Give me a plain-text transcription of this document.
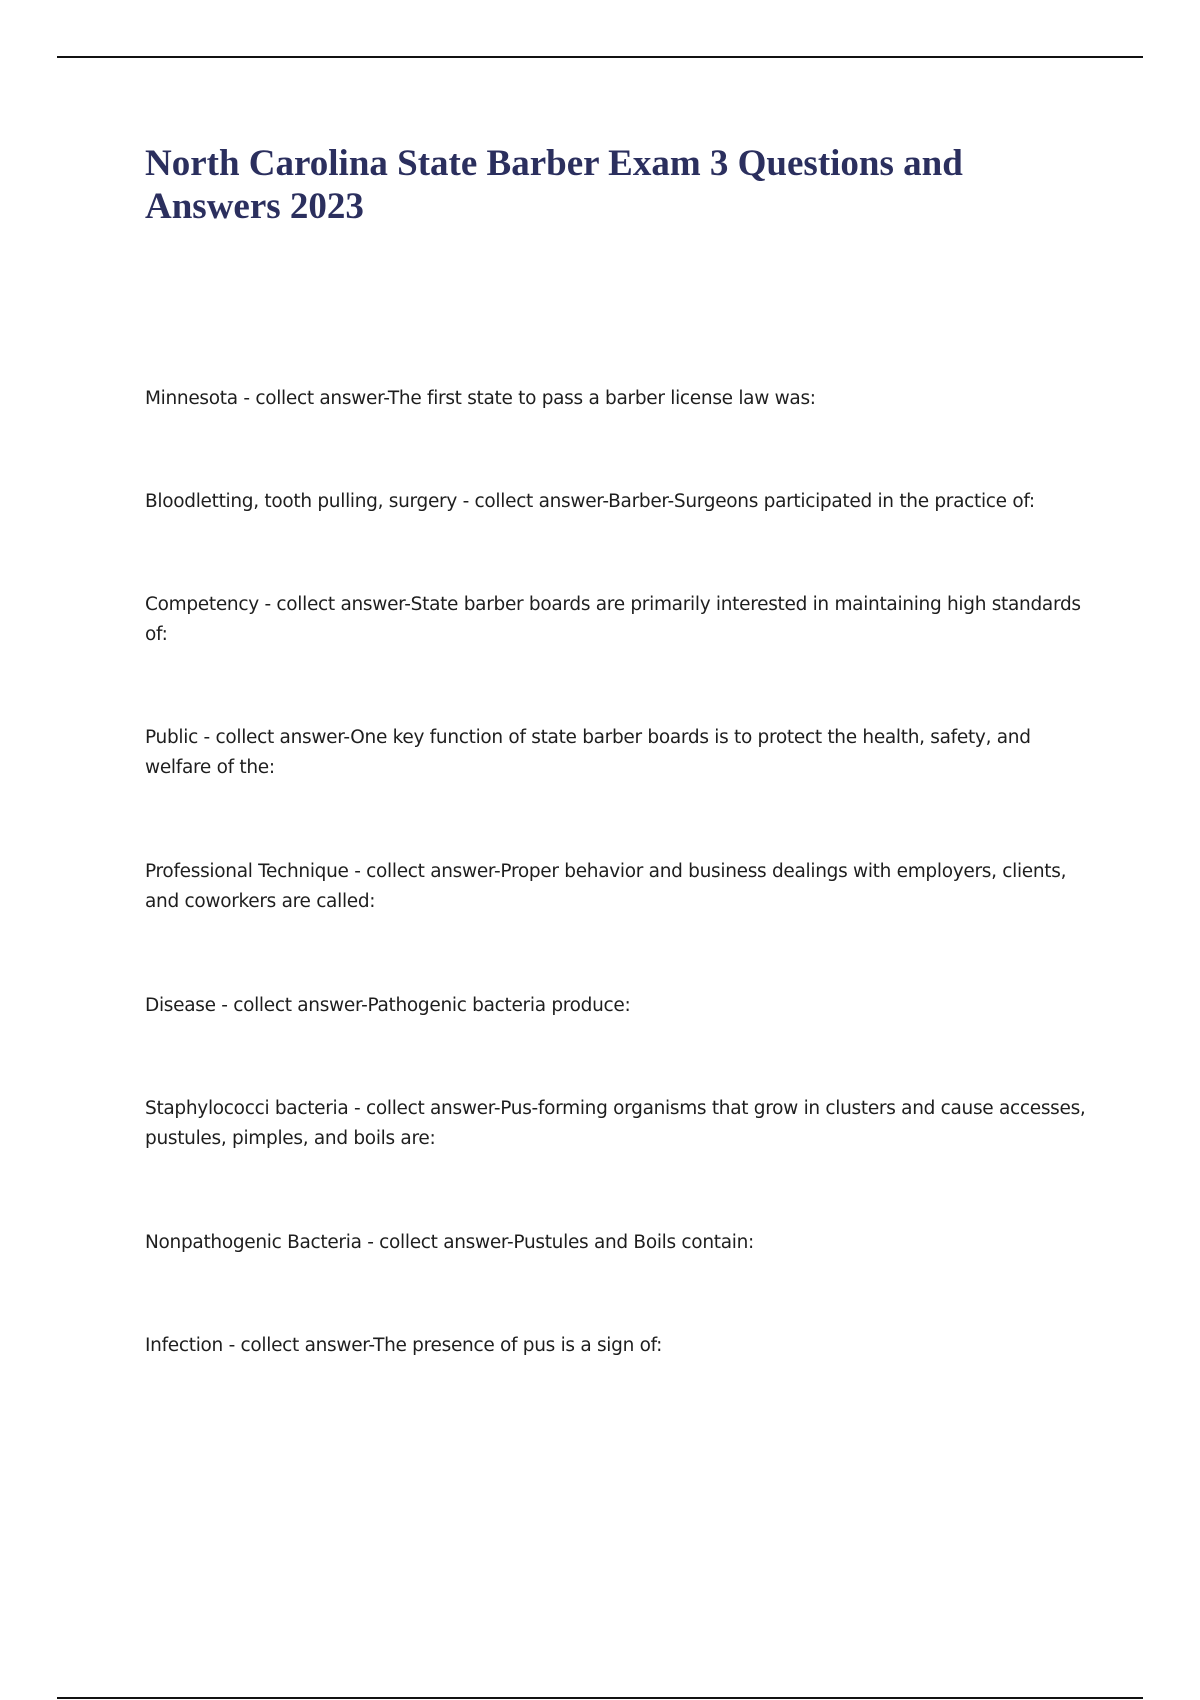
North Carolina State Barber Exam 3 Questions and Answers 2023

Minnesota - collect answer-The first state to pass a barber license law was:

Bloodletting, tooth pulling, surgery - collect answer-Barber-Surgeons participated in the practice of:

Competency - collect answer-State barber boards are primarily interested in maintaining high standards of:

Public - collect answer-One key function of state barber boards is to protect the health, safety, and welfare of the:

Professional Technique - collect answer-Proper behavior and business dealings with employers, clients, and coworkers are called:

Disease - collect answer-Pathogenic bacteria produce:

Staphylococci bacteria - collect answer-Pus-forming organisms that grow in clusters and cause accesses, pustules, pimples, and boils are:

Nonpathogenic Bacteria - collect answer-Pustules and Boils contain:

Infection - collect answer-The presence of pus is a sign of:
